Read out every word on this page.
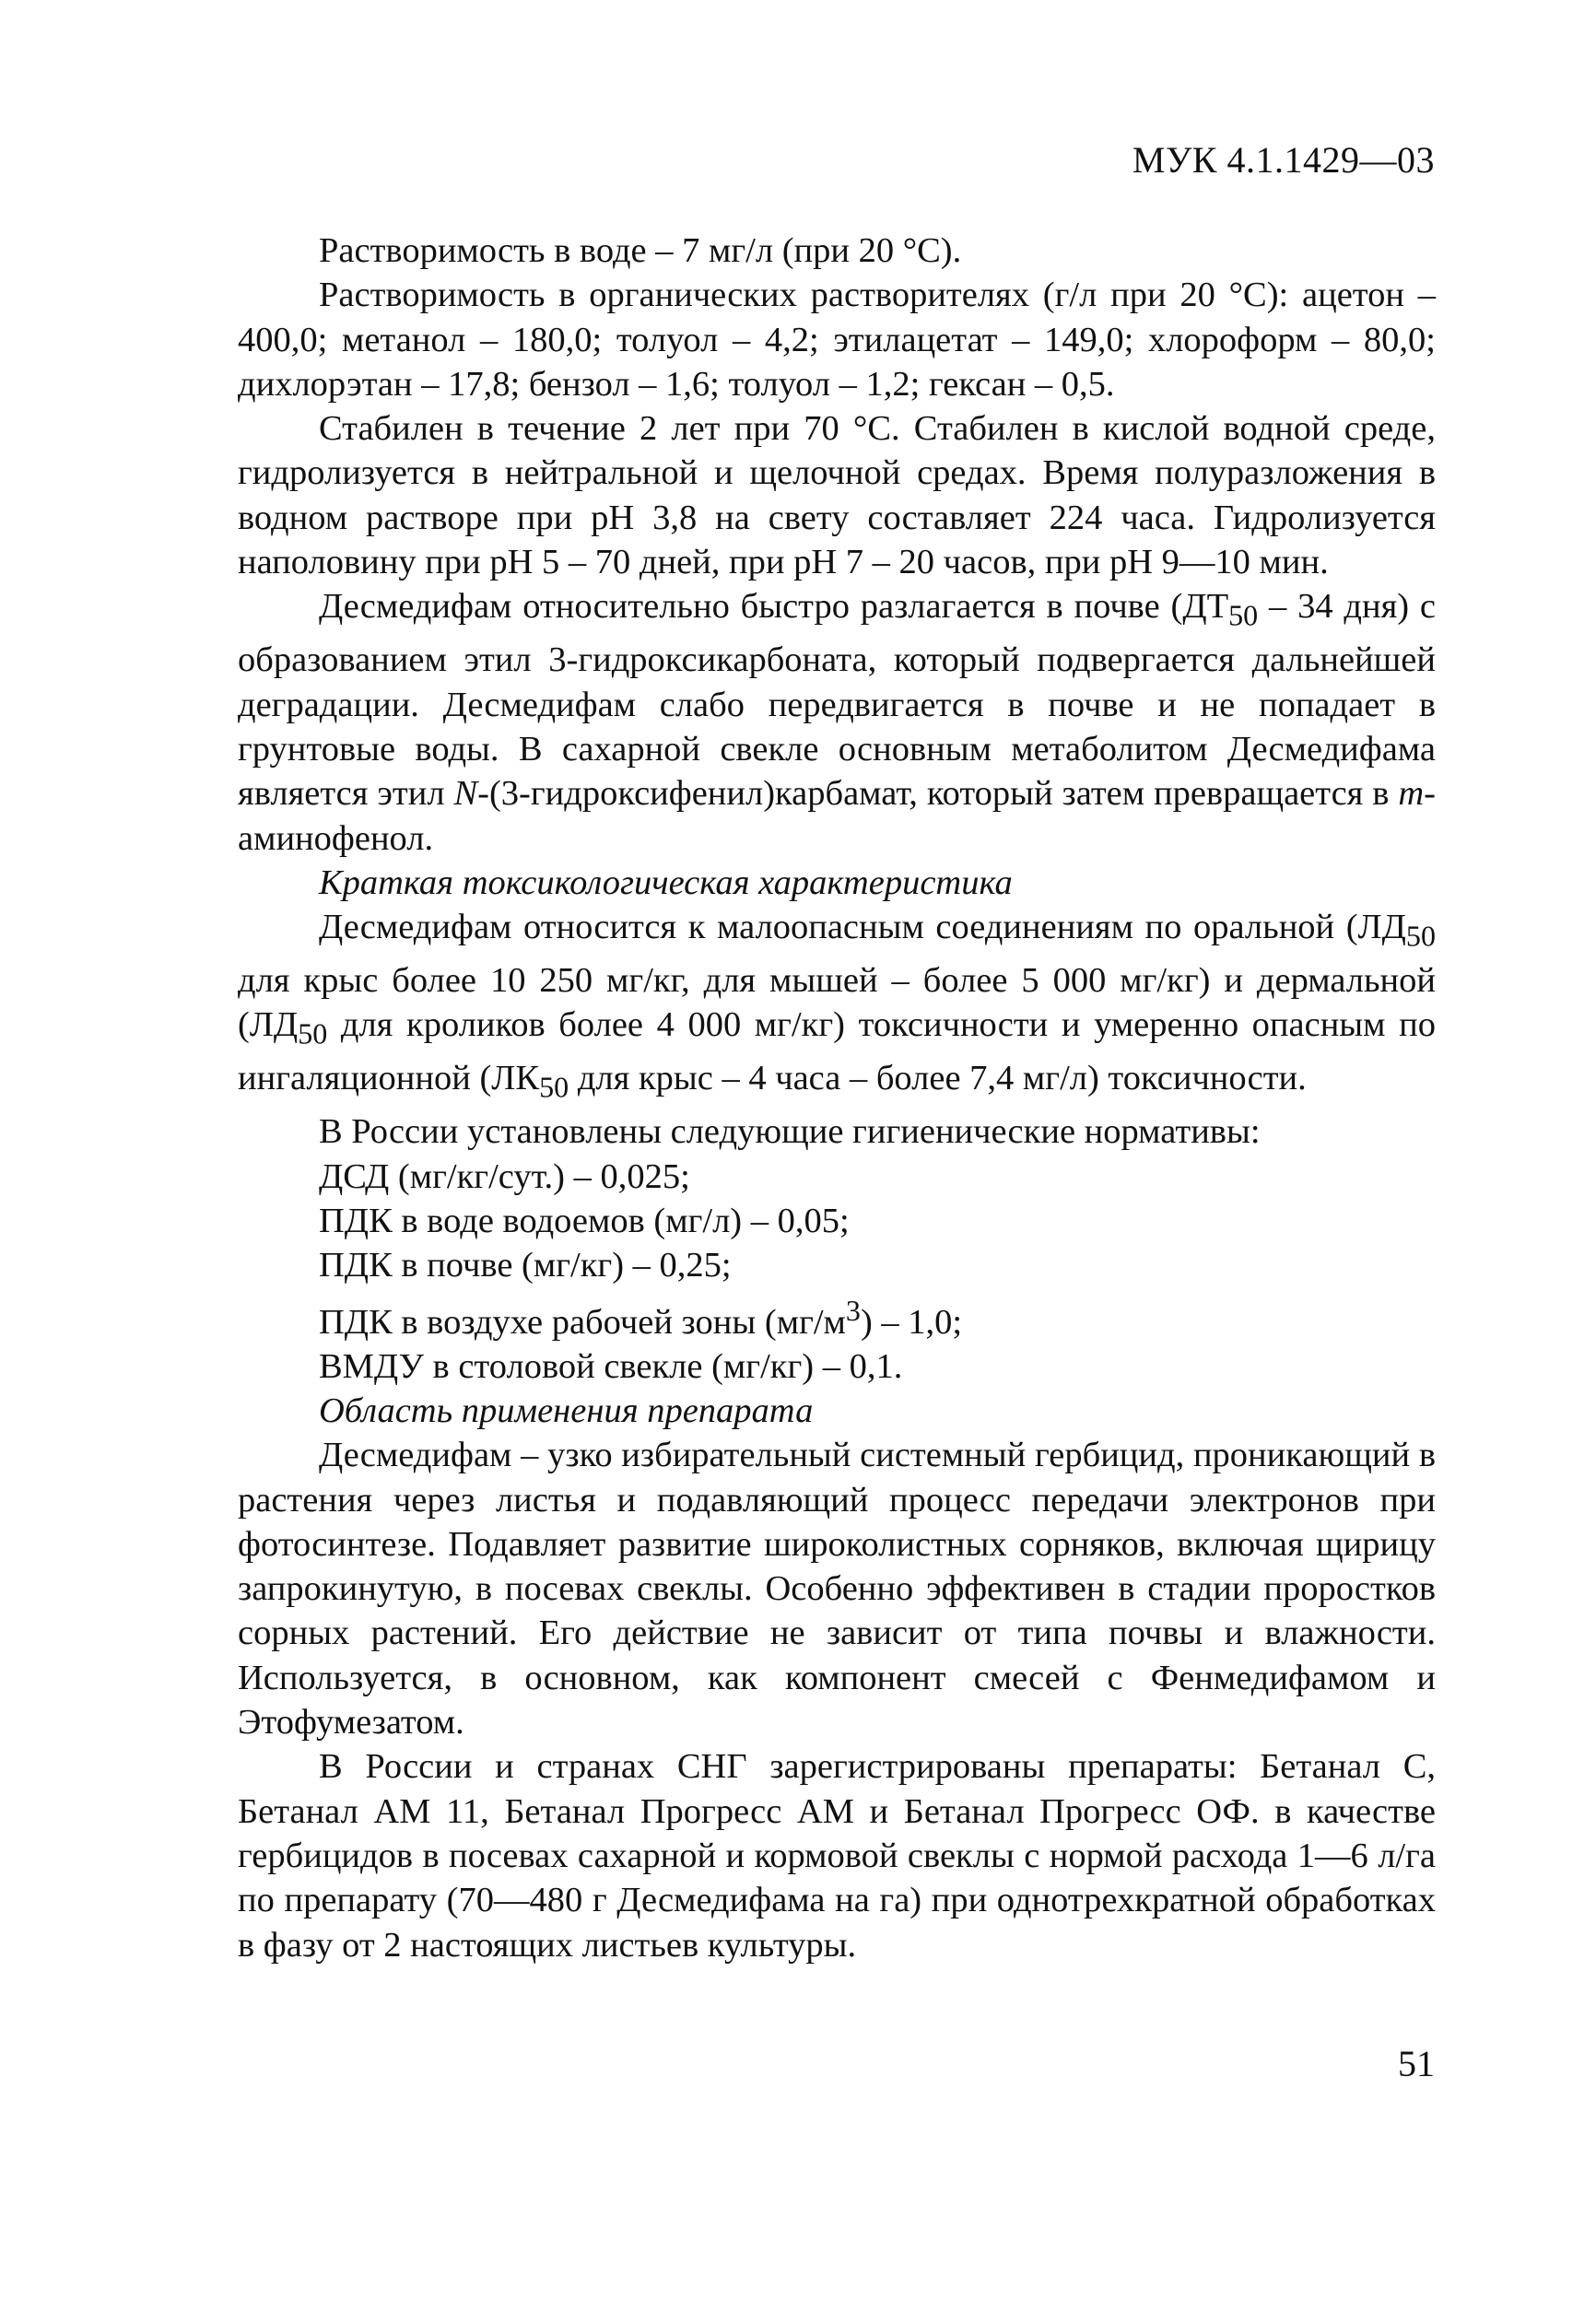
МУК 4.1.1429—03

Растворимость в воде – 7 мг/л (при 20 °С).

Растворимость в органических растворителях (г/л при 20 °С): ацетон – 400,0; метанол – 180,0; толуол – 4,2; этилацетат – 149,0; хлороформ – 80,0; дихлорэтан – 17,8; бензол – 1,6; толуол – 1,2; гексан – 0,5.

Стабилен в течение 2 лет при 70 °С. Стабилен в кислой водной среде, гидролизуется в нейтральной и щелочной средах. Время полуразложения в водном растворе при рН 3,8 на свету составляет 224 часа. Гидролизуется наполовину при рН 5 – 70 дней, при рН 7 – 20 часов, при рН 9—10 мин.

Десмедифам относительно быстро разлагается в почве ($ДТ_{50} - 34$ дня) с образованием этил 3-гидроксикарбоната, который подвергается дальнейшей деградации. Десмедифам слабо передвигается в почве и не попадает в грунтовые воды. В сахарной свекле основным метаболитом Десмедифама является этил N-(3-гидроксифенил)карбамат, который затем превращается в m-аминофенол.

Краткая токсикологическая характеристика

Десмедифам относится к малоопасным соединениям по оральной ($ЛД_{50}$ для крыс более 10 250 мг/кг, для мышей – более 5 000 мг/кг) и дермальной ($ЛД_{50}$ для кроликов более 4 000 мг/кг) токсичности и умеренно опасным по ингаляционной ($ЛК_{50}$ для крыс – 4 часа – более 7,4 мг/л) токсичности.

В России установлены следующие гигиенические нормативы:

ДСД (мг/кг/сут.) – 0,025;

ПДК в воде водоемов (мг/л) – 0,05;

ПДК в почве (мг/кг) – 0,25;

ПДК в воздухе рабочей зоны $(мг/м^3) - 1,0$;

ВМДУ в столовой свекле (мг/кг) – 0,1.

Область применения препарата

Десмедифам – узко избирательный системный гербицид, проникающий в растения через листья и подавляющий процесс передачи электронов при фотосинтезе. Подавляет развитие широколистных сорняков, включая щирицу запрокинутую, в посевах свеклы. Особенно эффективен в стадии проростков сорных растений. Его действие не зависит от типа почвы и влажности. Используется, в основном, как компонент смесей с Фенмедифамом и Этофумезатом.

В России и странах СНГ зарегистрированы препараты: Бетанал С, Бетанал АМ 11, Бетанал Прогресс АМ и Бетанал Прогресс ОФ. в качестве гербицидов в посевах сахарной и кормовой свеклы с нормой расхода 1—6 л/га по препарату (70—480 г Десмедифама на га) при однотрехкратной обработках в фазу от 2 настоящих листьев культуры.

51
